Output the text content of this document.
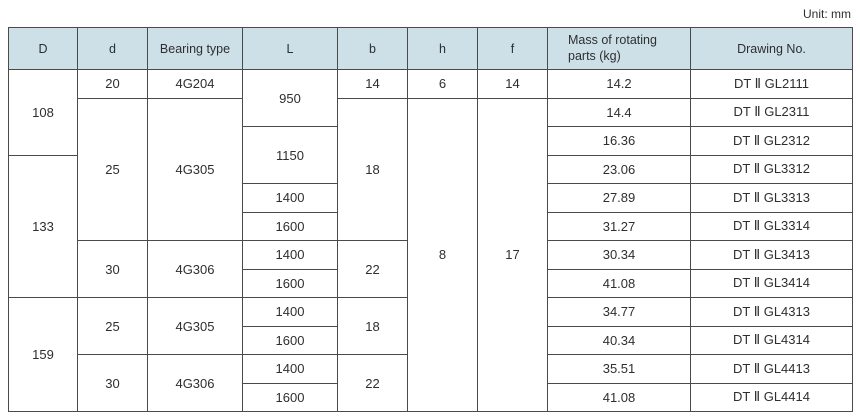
Unit: mm
D	d	Bearing type	L	b	h	f	Mass of rotating parts (kg)	Drawing No.
108	20	4G204	950	14	6	14	14.2	DT Ⅱ GL2111
	25	4G305		18	8	17	14.4	DT Ⅱ GL2311
			1150				16.36	DT Ⅱ GL2312
133							23.06	DT Ⅱ GL3312
			1400				27.89	DT Ⅱ GL3313
			1600				31.27	DT Ⅱ GL3314
	30	4G306	1400	22			30.34	DT Ⅱ GL3413
			1600				41.08	DT Ⅱ GL3414
159	25	4G305	1400	18			34.77	DT Ⅱ GL4313
			1600				40.34	DT Ⅱ GL4314
	30	4G306	1400	22			35.51	DT Ⅱ GL4413
			1600				41.08	DT Ⅱ GL4414
